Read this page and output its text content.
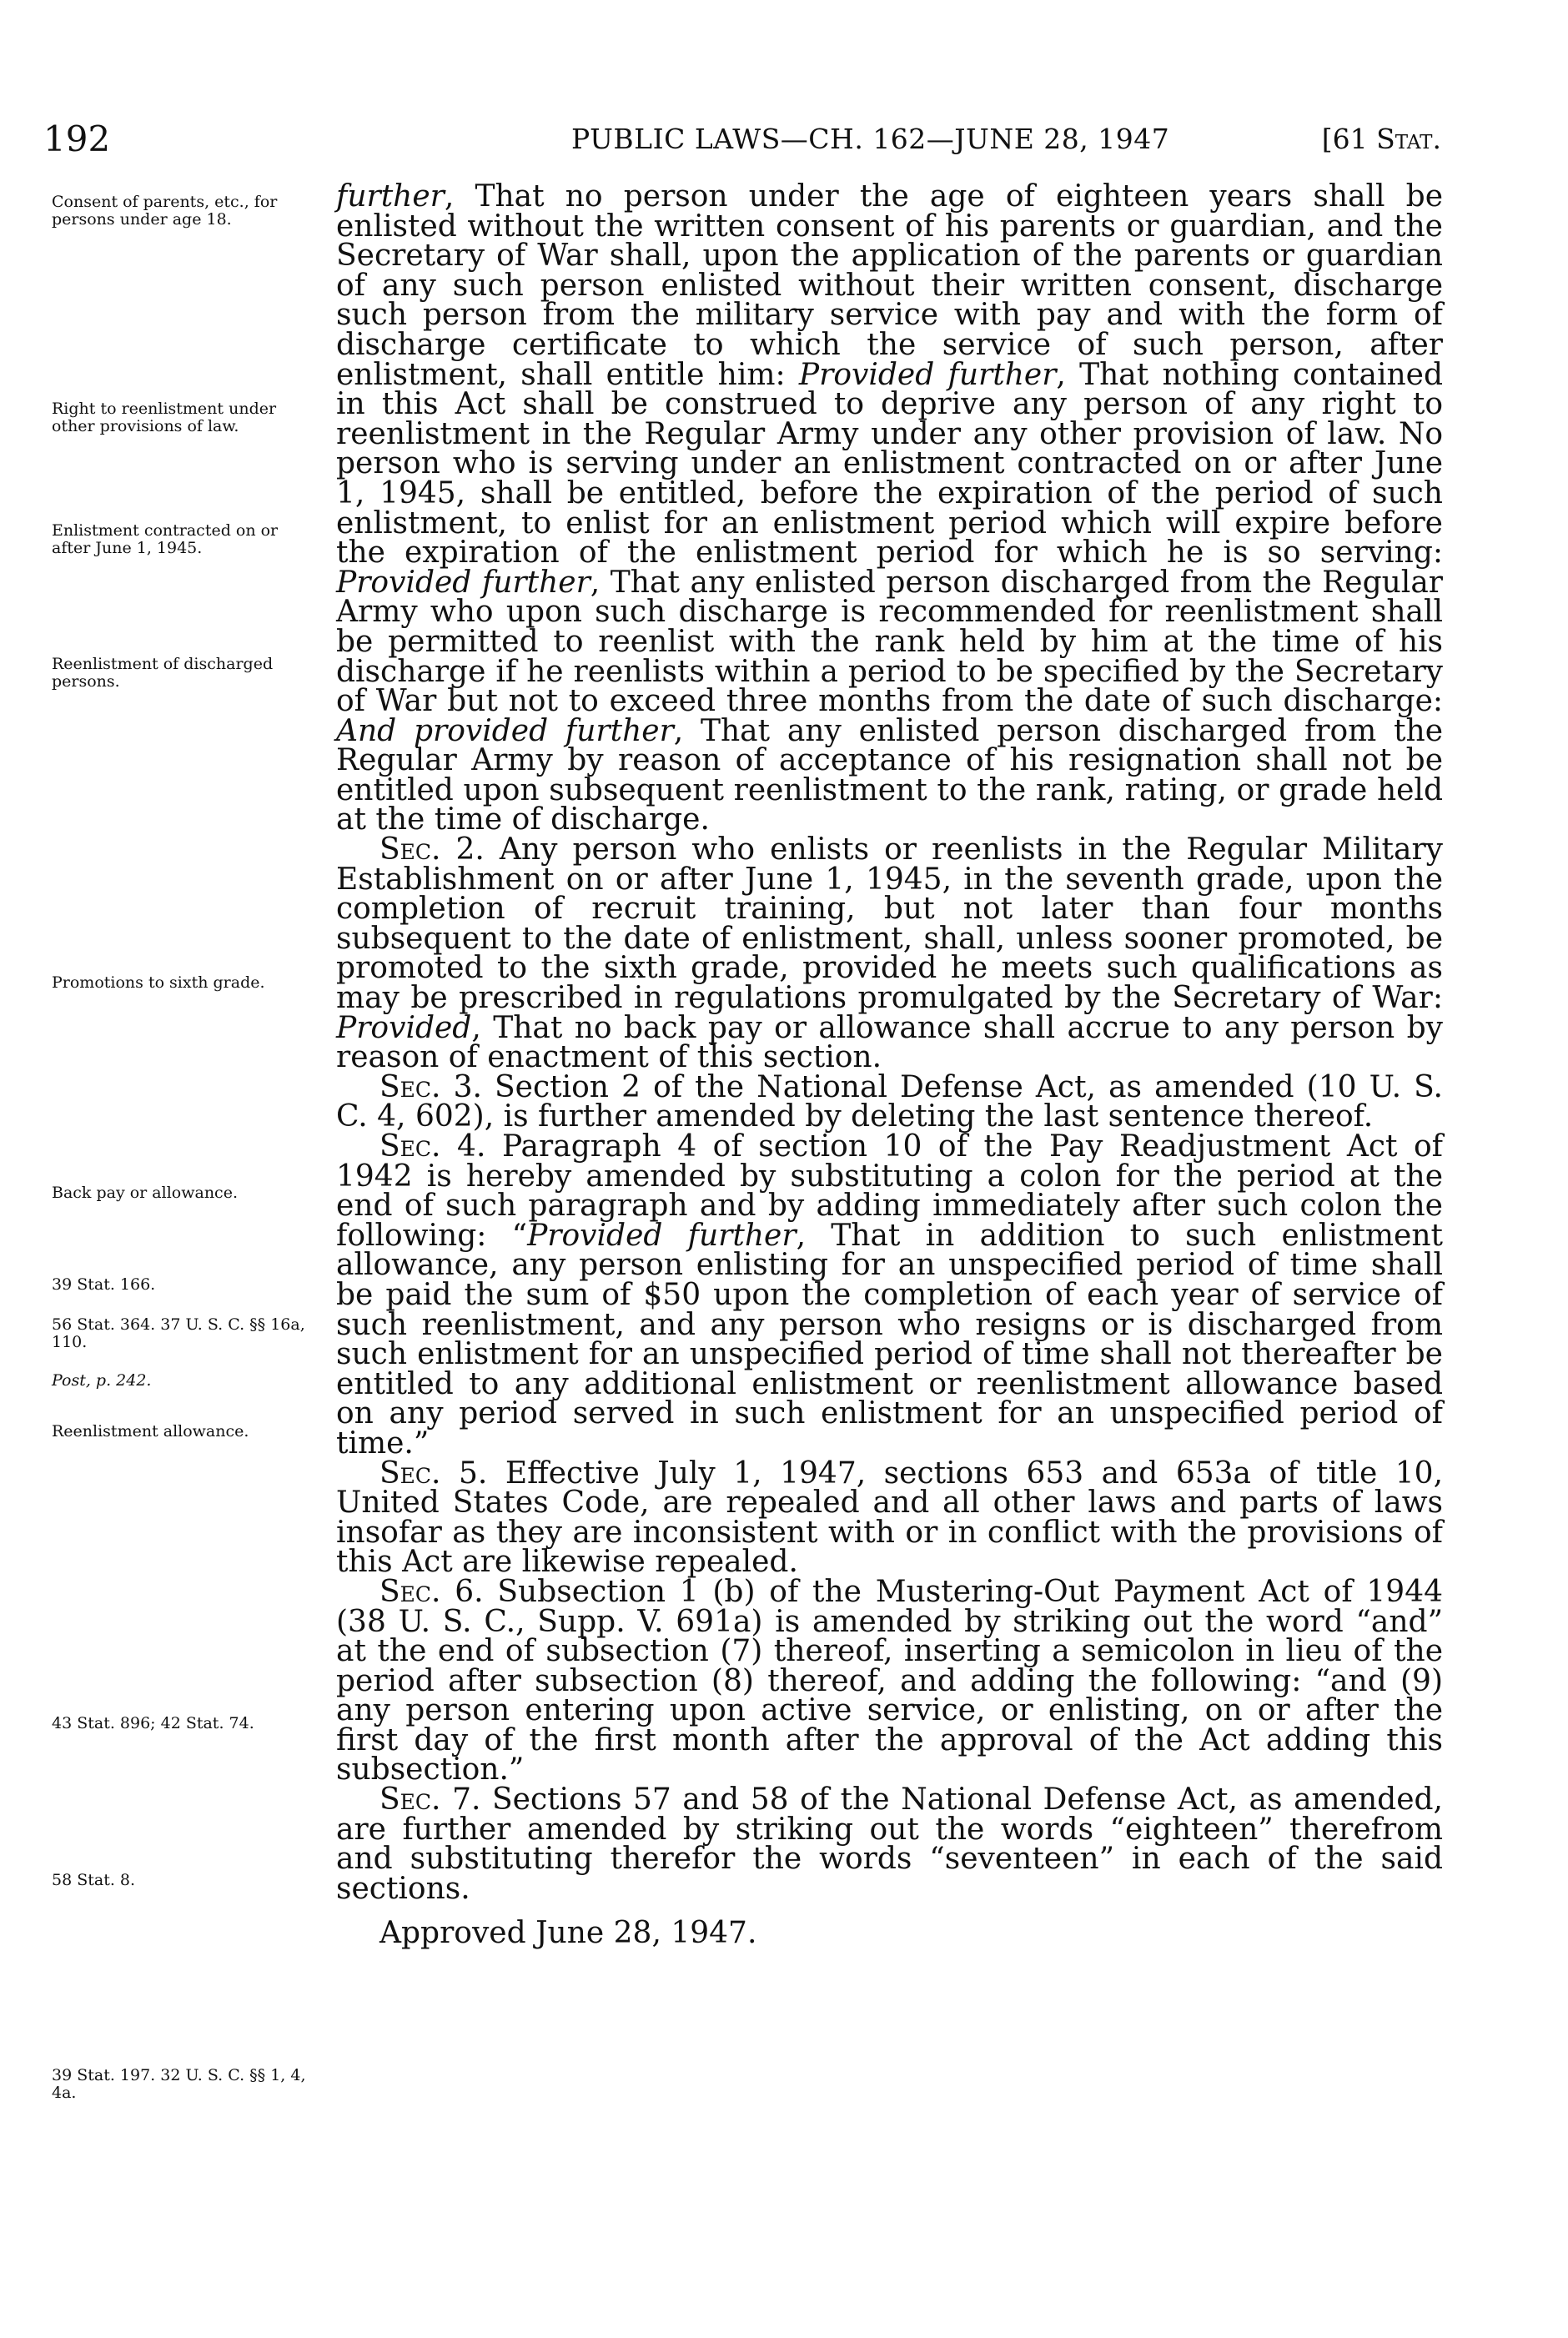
192	PUBLIC LAWS—CH. 162—JUNE 28, 1947	[61 Stat.
Consent of parents, etc., for persons under age 18.
Right to reenlistment under other provisions of law.
Enlistment contracted on or after June 1, 1945.
Reenlistment of discharged persons.
Promotions to sixth grade.
Back pay or allowance.
39 Stat. 166.
56 Stat. 364. 37 U. S. C. §§ 16a, 110.
Post, p. 242.
Reenlistment allowance.
43 Stat. 896; 42 Stat. 74.
58 Stat. 8.
39 Stat. 197. 32 U. S. C. §§ 1, 4, 4a.

further, That no person under the age of eighteen years shall be enlisted without the written consent of his parents or guardian, and the Secretary of War shall, upon the application of the parents or guardian of any such person enlisted without their written consent, discharge such person from the military service with pay and with the form of discharge certificate to which the service of such person, after enlistment, shall entitle him: Provided further, That nothing contained in this Act shall be construed to deprive any person of any right to reenlistment in the Regular Army under any other provision of law. No person who is serving under an enlistment contracted on or after June 1, 1945, shall be entitled, before the expiration of the period of such enlistment, to enlist for an enlistment period which will expire before the expiration of the enlistment period for which he is so serving: Provided further, That any enlisted person discharged from the Regular Army who upon such discharge is recommended for reenlistment shall be permitted to reenlist with the rank held by him at the time of his discharge if he reenlists within a period to be specified by the Secretary of War but not to exceed three months from the date of such discharge: And provided further, That any enlisted person discharged from the Regular Army by reason of acceptance of his resignation shall not be entitled upon subsequent reenlistment to the rank, rating, or grade held at the time of discharge.

Sec. 2. Any person who enlists or reenlists in the Regular Military Establishment on or after June 1, 1945, in the seventh grade, upon the completion of recruit training, but not later than four months subsequent to the date of enlistment, shall, unless sooner promoted, be promoted to the sixth grade, provided he meets such qualifications as may be prescribed in regulations promulgated by the Secretary of War: Provided, That no back pay or allowance shall accrue to any person by reason of enactment of this section.

Sec. 3. Section 2 of the National Defense Act, as amended (10 U. S. C. 4, 602), is further amended by deleting the last sentence thereof.

Sec. 4. Paragraph 4 of section 10 of the Pay Readjustment Act of 1942 is hereby amended by substituting a colon for the period at the end of such paragraph and by adding immediately after such colon the following: “Provided further, That in addition to such enlistment allowance, any person enlisting for an unspecified period of time shall be paid the sum of $50 upon the completion of each year of service of such reenlistment, and any person who resigns or is discharged from such enlistment for an unspecified period of time shall not thereafter be entitled to any additional enlistment or reenlistment allowance based on any period served in such enlistment for an unspecified period of time.”

Sec. 5. Effective July 1, 1947, sections 653 and 653a of title 10, United States Code, are repealed and all other laws and parts of laws insofar as they are inconsistent with or in conflict with the provisions of this Act are likewise repealed.

Sec. 6. Subsection 1 (b) of the Mustering-Out Payment Act of 1944 (38 U. S. C., Supp. V. 691a) is amended by striking out the word “and” at the end of subsection (7) thereof, inserting a semicolon in lieu of the period after subsection (8) thereof, and adding the following: “and (9) any person entering upon active service, or enlisting, on or after the first day of the first month after the approval of the Act adding this subsection.”

Sec. 7. Sections 57 and 58 of the National Defense Act, as amended, are further amended by striking out the words “eighteen” therefrom and substituting therefor the words “seventeen” in each of the said sections.

Approved June 28, 1947.
